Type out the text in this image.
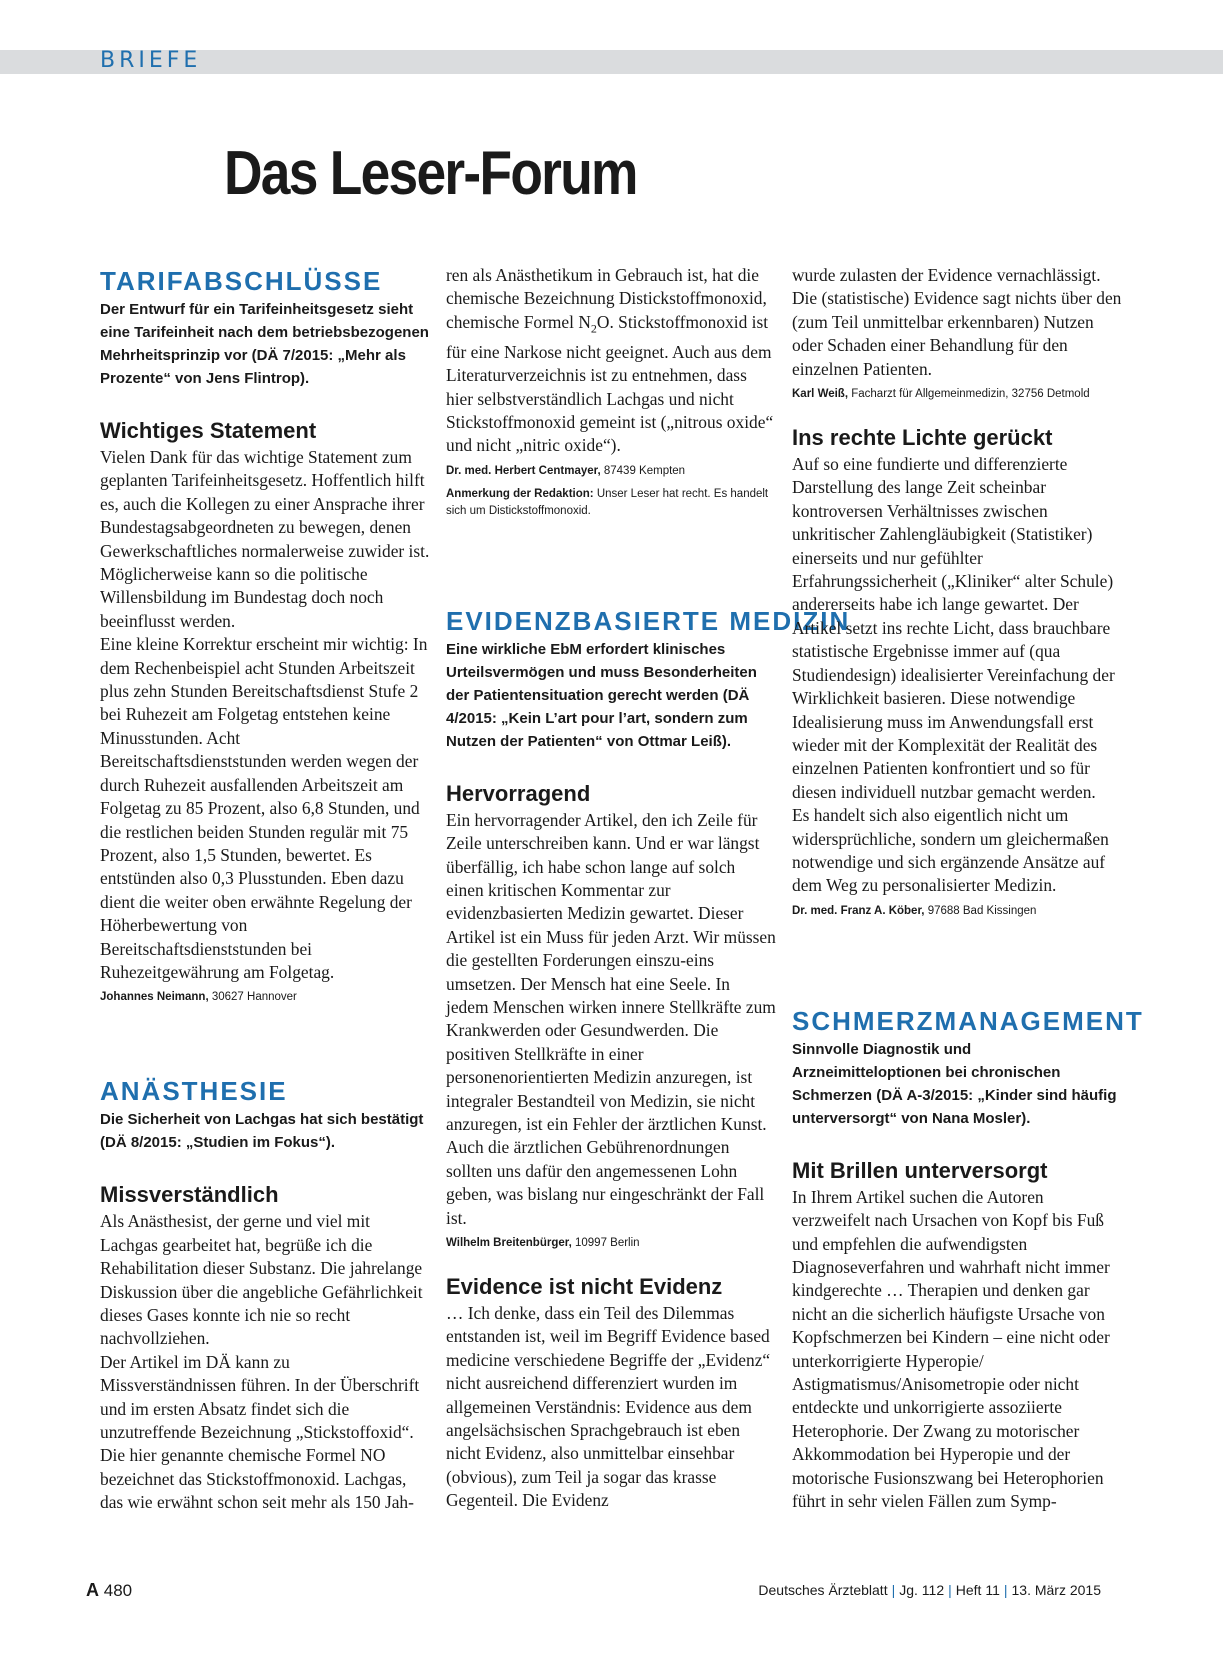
BRIEFE
Das Leser-Forum
TARIFABSCHLÜSSE

Der Entwurf für ein Tarifeinheitsgesetz sieht eine Tarifeinheit nach dem betriebsbezogenen Mehrheitsprinzip vor (DÄ 7/2015: „Mehr als Prozente“ von Jens Flintrop).

Wichtiges Statement

Vielen Dank für das wichtige Statement zum geplanten Tarifeinheitsgesetz. Hoffentlich hilft es, auch die Kollegen zu einer Ansprache ihrer Bundestagsabgeordneten zu bewegen, denen Gewerkschaftliches normalerweise zuwider ist. Möglicherweise kann so die politische Willensbildung im Bundestag doch noch beeinflusst werden.

Eine kleine Korrektur erscheint mir wichtig: In dem Rechenbeispiel acht Stunden Arbeitszeit plus zehn Stunden Bereitschaftsdienst Stufe 2 bei Ruhezeit am Folgetag entstehen keine Minusstunden. Acht Bereitschaftsdienststunden werden wegen der durch Ruhezeit ausfallenden Arbeitszeit am Folgetag zu 85 Prozent, also 6,8 Stunden, und die restlichen beiden Stunden regulär mit 75 Prozent, also 1,5 Stunden, bewertet. Es entstünden also 0,3 Plusstunden. Eben dazu dient die weiter oben erwähnte Regelung der Höherbewertung von Bereitschaftsdienststunden bei Ruhezeitgewährung am Folgetag.

Johannes Neimann, 30627 Hannover

ANÄSTHESIE

Die Sicherheit von Lachgas hat sich bestätigt (DÄ 8/2015: „Studien im Fokus“).

Missverständlich

Als Anästhesist, der gerne und viel mit Lachgas gearbeitet hat, begrüße ich die Rehabilitation dieser Substanz. Die jahrelange Diskussion über die angebliche Gefährlichkeit dieses Gases konnte ich nie so recht nachvollziehen.

Der Artikel im DÄ kann zu Missverständnissen führen. In der Überschrift und im ersten Absatz findet sich die unzutreffende Bezeichnung „Stickstoffoxid“. Die hier genannte chemische Formel NO bezeichnet das Stickstoffmonoxid. Lachgas, das wie erwähnt schon seit mehr als 150 Jah-

ren als Anästhetikum in Gebrauch ist, hat die chemische Bezeichnung Distickstoffmonoxid, chemische Formel $N_2O$. Stickstoffmonoxid ist für eine Narkose nicht geeignet. Auch aus dem Literaturverzeichnis ist zu entnehmen, dass hier selbstverständlich Lachgas und nicht Stickstoffmonoxid gemeint ist („nitrous oxide“ und nicht „nitric oxide“).

Dr. med. Herbert Centmayer, 87439 Kempten

Anmerkung der Redaktion: Unser Leser hat recht. Es handelt sich um Distickstoffmonoxid.

EVIDENZBASIERTE MEDIZIN

Eine wirkliche EbM erfordert klinisches Urteilsvermögen und muss Besonderheiten der Patientensituation gerecht werden (DÄ 4/2015: „Kein L’art pour l’art, sondern zum Nutzen der Patienten“ von Ottmar Leiß).

Hervorragend

Ein hervorragender Artikel, den ich Zeile für Zeile unterschreiben kann. Und er war längst überfällig, ich habe schon lange auf solch einen kritischen Kommentar zur evidenzbasierten Medizin gewartet. Dieser Artikel ist ein Muss für jeden Arzt. Wir müssen die gestellten Forderungen einszu-eins umsetzen. Der Mensch hat eine Seele. In jedem Menschen wirken innere Stellkräfte zum Krankwerden oder Gesundwerden. Die positiven Stellkräfte in einer personenorientierten Medizin anzuregen, ist integraler Bestandteil von Medizin, sie nicht anzuregen, ist ein Fehler der ärztlichen Kunst. Auch die ärztlichen Gebührenordnungen sollten uns dafür den angemessenen Lohn geben, was bislang nur eingeschränkt der Fall ist.

Wilhelm Breitenbürger, 10997 Berlin

Evidence ist nicht Evidenz

… Ich denke, dass ein Teil des Dilemmas entstanden ist, weil im Begriff Evidence based medicine verschiedene Begriffe der „Evidenz“ nicht ausreichend differenziert wurden im allgemeinen Verständnis: Evidence aus dem angelsächsischen Sprachgebrauch ist eben nicht Evidenz, also unmittelbar einsehbar (obvious), zum Teil ja sogar das krasse Gegenteil. Die Evidenz

wurde zulasten der Evidence vernachlässigt. Die (statistische) Evidence sagt nichts über den (zum Teil unmittelbar erkennbaren) Nutzen oder Schaden einer Behandlung für den einzelnen Patienten.

Karl Weiß, Facharzt für Allgemeinmedizin, 32756 Detmold

Ins rechte Lichte gerückt

Auf so eine fundierte und differenzierte Darstellung des lange Zeit scheinbar kontroversen Verhältnisses zwischen unkritischer Zahlengläubigkeit (Statistiker) einerseits und nur gefühlter Erfahrungssicherheit („Kliniker“ alter Schule) andererseits habe ich lange gewartet. Der Artikel setzt ins rechte Licht, dass brauchbare statistische Ergebnisse immer auf (qua Studiendesign) idealisierter Vereinfachung der Wirklichkeit basieren. Diese notwendige Idealisierung muss im Anwendungsfall erst wieder mit der Komplexität der Realität des einzelnen Patienten konfrontiert und so für diesen individuell nutzbar gemacht werden.

Es handelt sich also eigentlich nicht um widersprüchliche, sondern um gleichermaßen notwendige und sich ergänzende Ansätze auf dem Weg zu personalisierter Medizin.

Dr. med. Franz A. Köber, 97688 Bad Kissingen

SCHMERZMANAGEMENT

Sinnvolle Diagnostik und Arzneimitteloptionen bei chronischen Schmerzen (DÄ A-3/2015: „Kinder sind häufig unterversorgt“ von Nana Mosler).

Mit Brillen unterversorgt

In Ihrem Artikel suchen die Autoren verzweifelt nach Ursachen von Kopf bis Fuß und empfehlen die aufwendigsten Diagnoseverfahren und wahrhaft nicht immer kindgerechte … Therapien und denken gar nicht an die sicherlich häufigste Ursache von Kopfschmerzen bei Kindern – eine nicht oder unterkorrigierte Hyperopie/ Astigmatismus/Anisometropie oder nicht entdeckte und unkorrigierte assoziierte Heterophorie. Der Zwang zu motorischer Akkommodation bei Hyperopie und der motorische Fusionszwang bei Heterophorien führt in sehr vielen Fällen zum Symp-

A 480	Deutsches Ärzteblatt | Jg. 112 | Heft 11 | 13. März 2015
